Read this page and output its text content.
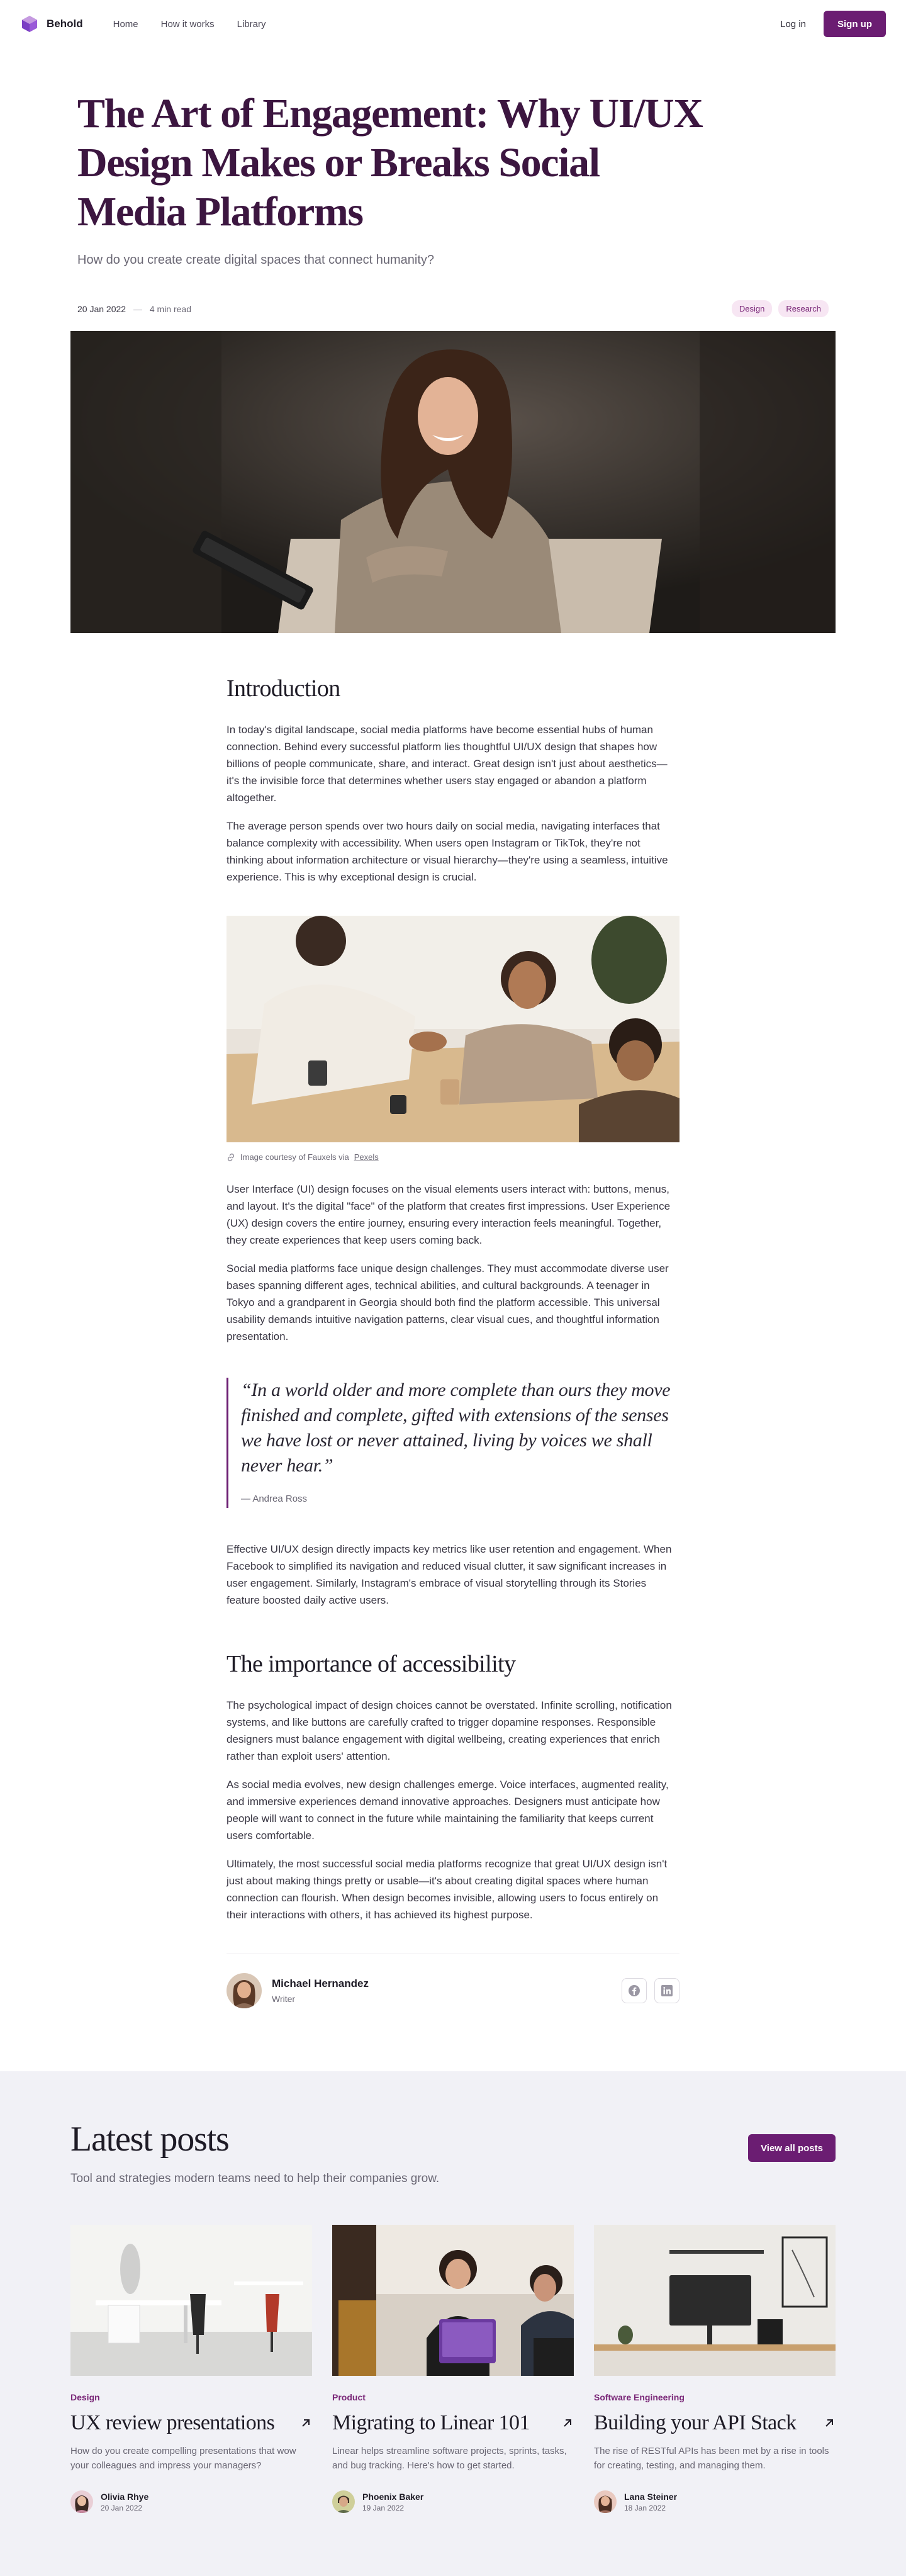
Behold	Home How it works Library	Log in	Sign up
The Art of Engagement: Why UI/UX Design Makes or Breaks Social Media Platforms

How do you create create digital spaces that connect humanity?

20 Jan 2022 — 4 min read	Design	Research
Introduction

In today's digital landscape, social media platforms have become essential hubs of human connection. Behind every successful platform lies thoughtful UI/UX design that shapes how billions of people communicate, share, and interact. Great design isn't just about aesthetics—it's the invisible force that determines whether users stay engaged or abandon a platform altogether.

The average person spends over two hours daily on social media, navigating interfaces that balance complexity with accessibility. When users open Instagram or TikTok, they're not thinking about information architecture or visual hierarchy—they're using a seamless, intuitive experience. This is why exceptional design is crucial.

Image courtesy of Fauxels via Pexels

User Interface (UI) design focuses on the visual elements users interact with: buttons, menus, and layout. It's the digital "face" of the platform that creates first impressions. User Experience (UX) design covers the entire journey, ensuring every interaction feels meaningful. Together, they create experiences that keep users coming back.

Social media platforms face unique design challenges. They must accommodate diverse user bases spanning different ages, technical abilities, and cultural backgrounds. A teenager in Tokyo and a grandparent in Georgia should both find the platform accessible. This universal usability demands intuitive navigation patterns, clear visual cues, and thoughtful information presentation.

“In a world older and more complete than ours they move finished and complete, gifted with extensions of the senses we have lost or never attained, living by voices we shall never hear.”
— Andrea Ross

Effective UI/UX design directly impacts key metrics like user retention and engagement. When Facebook to simplified its navigation and reduced visual clutter, it saw significant increases in user engagement. Similarly, Instagram's embrace of visual storytelling through its Stories feature boosted daily active users.

The importance of accessibility

The psychological impact of design choices cannot be overstated. Infinite scrolling, notification systems, and like buttons are carefully crafted to trigger dopamine responses. Responsible designers must balance engagement with digital wellbeing, creating experiences that enrich rather than exploit users' attention.

As social media evolves, new design challenges emerge. Voice interfaces, augmented reality, and immersive experiences demand innovative approaches. Designers must anticipate how people will want to connect in the future while maintaining the familiarity that keeps current users comfortable.

Ultimately, the most successful social media platforms recognize that great UI/UX design isn't just about making things pretty or usable—it's about creating digital spaces where human connection can flourish. When design becomes invisible, allowing users to focus entirely on their interactions with others, it has achieved its highest purpose.

Michael Hernandez
Writer
Latest posts

Tool and strategies modern teams need to help their companies grow.

View all posts
Design
UX review presentations

How do you create compelling presentations that wow your colleagues and impress your managers?

Olivia Rhye
20 Jan 2022
Product
Migrating to Linear 101

Linear helps streamline software projects, sprints, tasks, and bug tracking. Here's how to get started.

Phoenix Baker
19 Jan 2022
Software Engineering
Building your API Stack

The rise of RESTful APIs has been met by a rise in tools for creating, testing, and managing them.

Lana Steiner
18 Jan 2022
